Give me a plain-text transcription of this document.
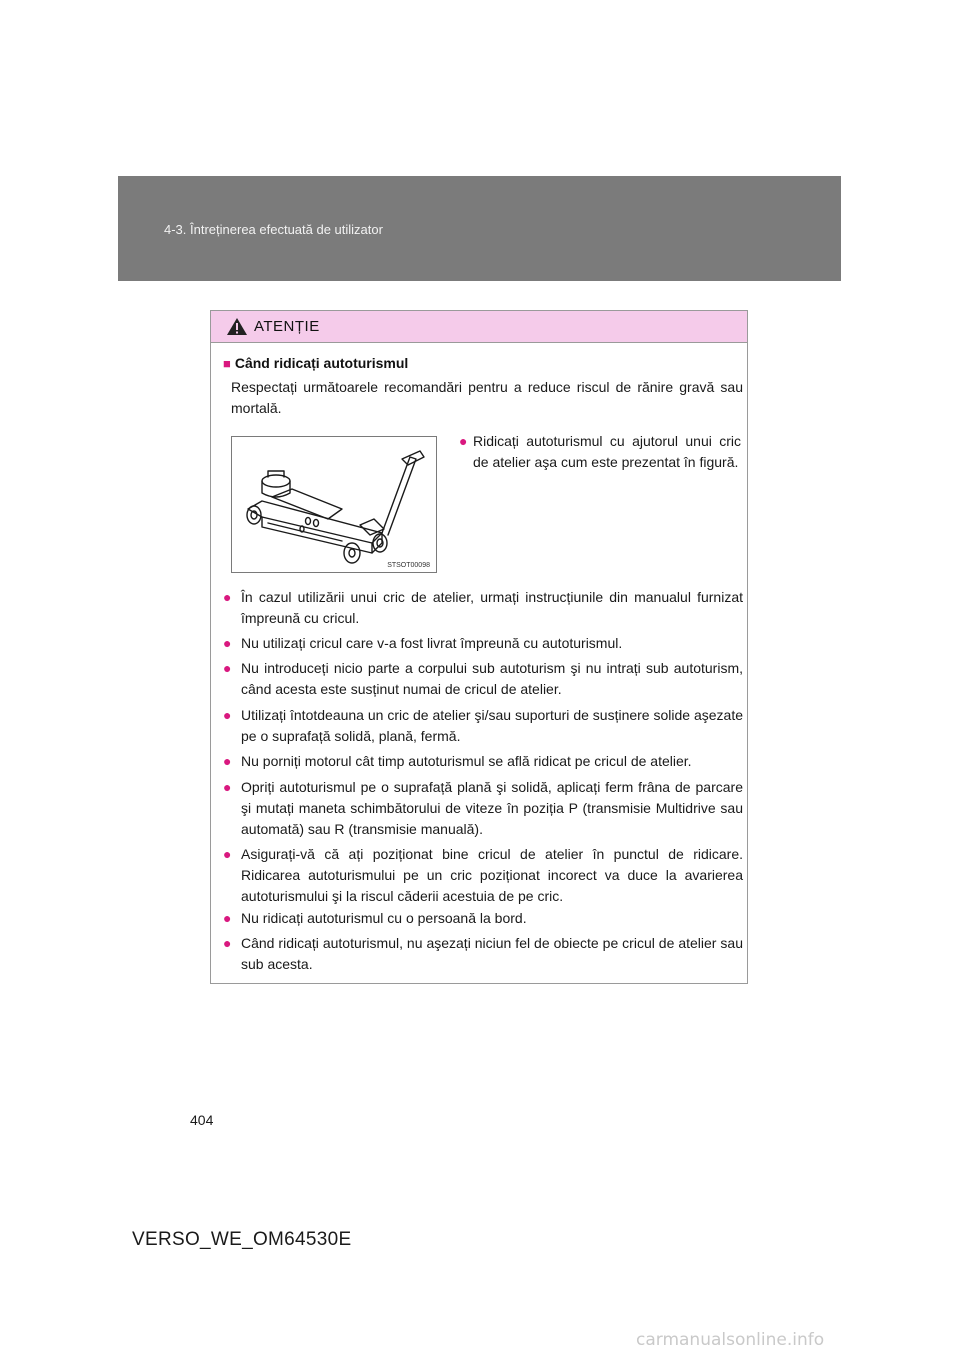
4-3. Întreținerea efectuată de utilizator
ATENȚIE
■ Când ridicați autoturismul
Respectați următoarele recomandări pentru a reduce riscul de rănire gravă sau mortală.
STSOT00098
● Ridicați autoturismul cu ajutorul unui cric de atelier aşa cum este prezentat în figură.
● În cazul utilizării unui cric de atelier, urmați instrucțiunile din manualul furnizat împreună cu cricul.
● Nu utilizați cricul care v-a fost livrat împreună cu autoturismul.
● Nu introduceți nicio parte a corpului sub autoturism şi nu intrați sub autoturism, când acesta este susținut numai de cricul de atelier.
● Utilizați întotdeauna un cric de atelier şi/sau suporturi de susținere solide aşezate pe o suprafață solidă, plană, fermă.
● Nu porniți motorul cât timp autoturismul se află ridicat pe cricul de atelier.
● Opriți autoturismul pe o suprafață plană şi solidă, aplicați ferm frâna de parcare şi mutați maneta schimbătorului de viteze în poziția P (transmisie Multidrive sau automată) sau R (transmisie manuală).
● Asigurați-vă că ați poziționat bine cricul de atelier în punctul de ridicare. Ridicarea autoturismului pe un cric poziționat incorect va duce la avarierea autoturismului şi la riscul căderii acestuia de pe cric.
● Nu ridicați autoturismul cu o persoană la bord.
● Când ridicați autoturismul, nu aşezați niciun fel de obiecte pe cricul de atelier sau sub acesta.
404
VERSO_WE_OM64530E
carmanualsonline.info
